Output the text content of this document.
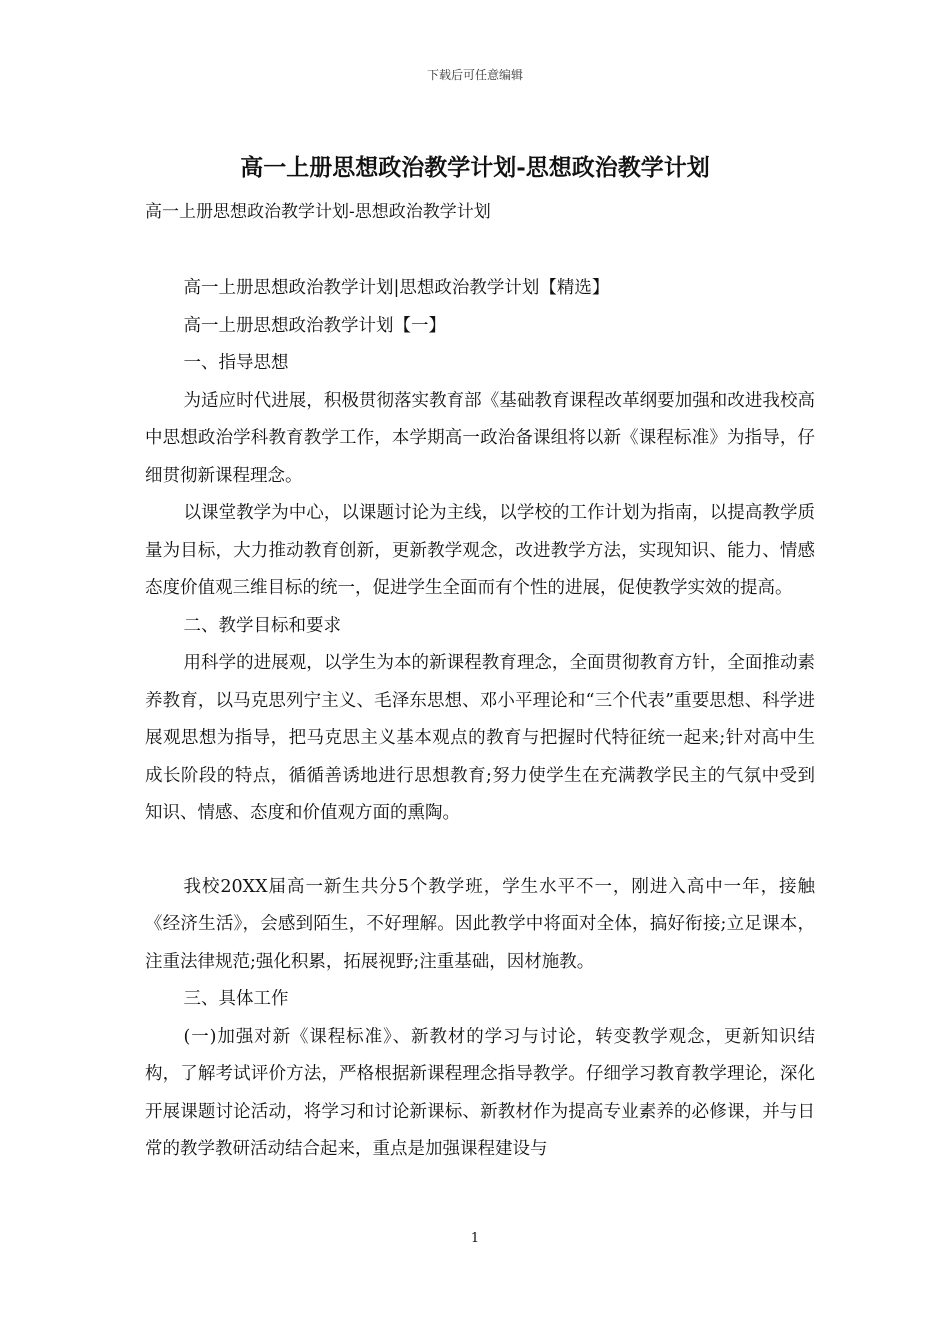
下载后可任意编辑
高一上册思想政治教学计划-思想政治教学计划
高一上册思想政治教学计划-思想政治教学计划

高一上册思想政治教学计划|思想政治教学计划【精选】

高一上册思想政治教学计划【一】

一、指导思想

为适应时代进展，积极贯彻落实教育部《基础教育课程改革纲要加强和改进我校高中思想政治学科教育教学工作，本学期高一政治备课组将以新《课程标准》为指导，仔细贯彻新课程理念。

以课堂教学为中心，以课题讨论为主线，以学校的工作计划为指南，以提高教学质量为目标，大力推动教育创新，更新教学观念，改进教学方法，实现知识、能力、情感态度价值观三维目标的统一，促进学生全面而有个性的进展，促使教学实效的提高。

二、教学目标和要求

用科学的进展观，以学生为本的新课程教育理念，全面贯彻教育方针，全面推动素养教育，以马克思列宁主义、毛泽东思想、邓小平理论和“三个代表”重要思想、科学进展观思想为指导，把马克思主义基本观点的教育与把握时代特征统一起来;针对高中生成长阶段的特点，循循善诱地进行思想教育;努力使学生在充满教学民主的气氛中受到知识、情感、态度和价值观方面的熏陶。

我校20XX届高一新生共分5个教学班，学生水平不一，刚进入高中一年，接触《经济生活》，会感到陌生，不好理解。因此教学中将面对全体，搞好衔接;立足课本，注重法律规范;强化积累，拓展视野;注重基础，因材施教。

三、具体工作

(一)加强对新《课程标准》、新教材的学习与讨论，转变教学观念，更新知识结构，了解考试评价方法，严格根据新课程理念指导教学。仔细学习教育教学理论，深化开展课题讨论活动，将学习和讨论新课标、新教材作为提高专业素养的必修课，并与日常的教学教研活动结合起来，重点是加强课程建设与

1
